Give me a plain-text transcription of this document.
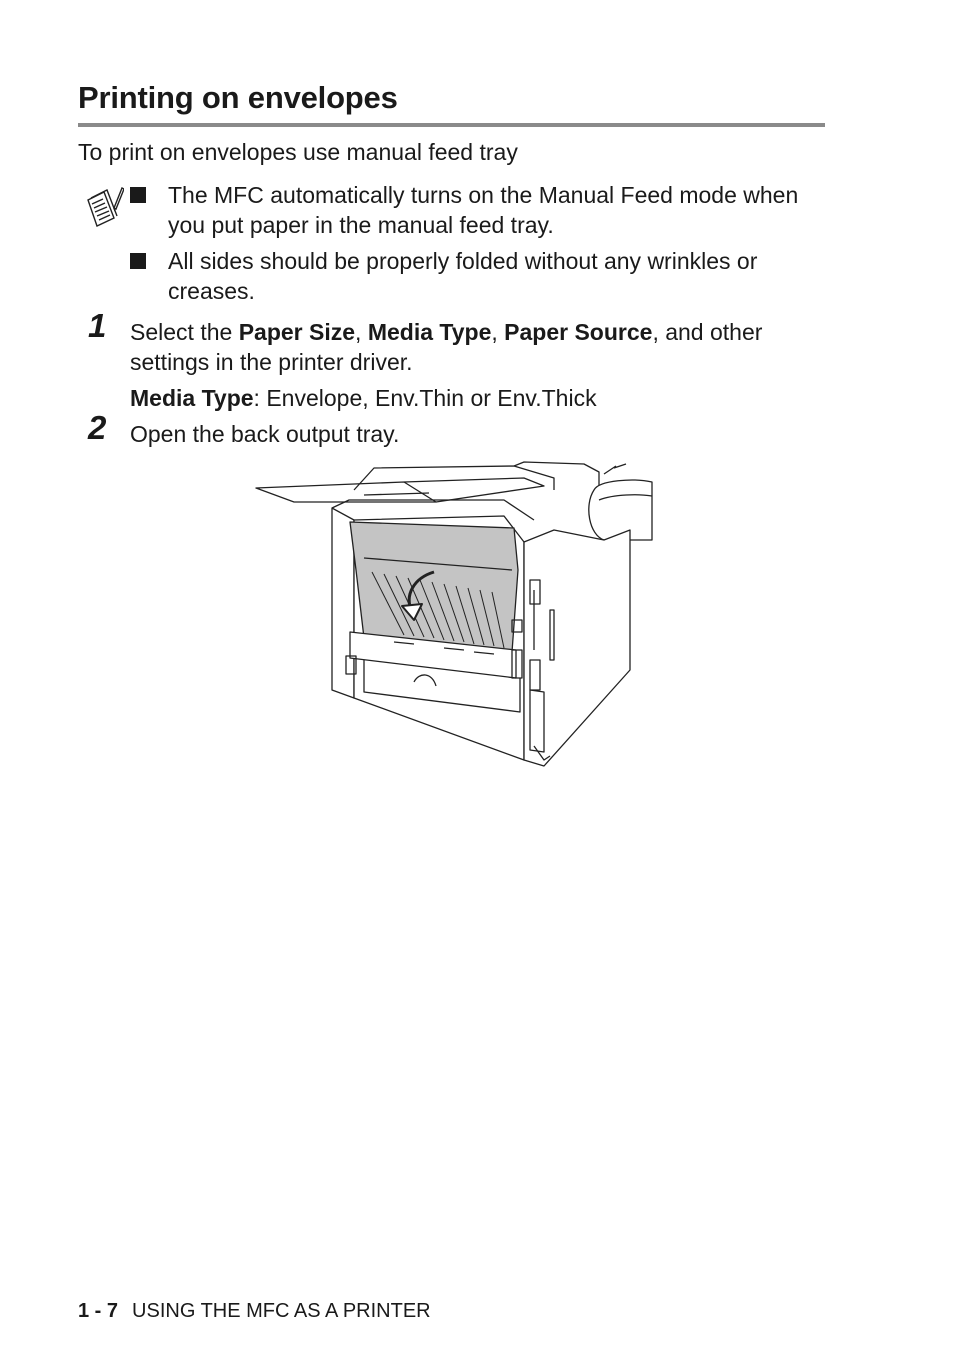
Printing on envelopes
To print on envelopes use manual feed tray
The MFC automatically turns on the Manual Feed mode when you put paper in the manual feed tray.
All sides should be properly folded without any wrinkles or creases.
1 Select the Paper Size, Media Type, Paper Source, and other settings in the printer driver.
Media Type: Envelope, Env.Thin or Env.Thick
2 Open the back output tray.
1 - 7 USING THE MFC AS A PRINTER
